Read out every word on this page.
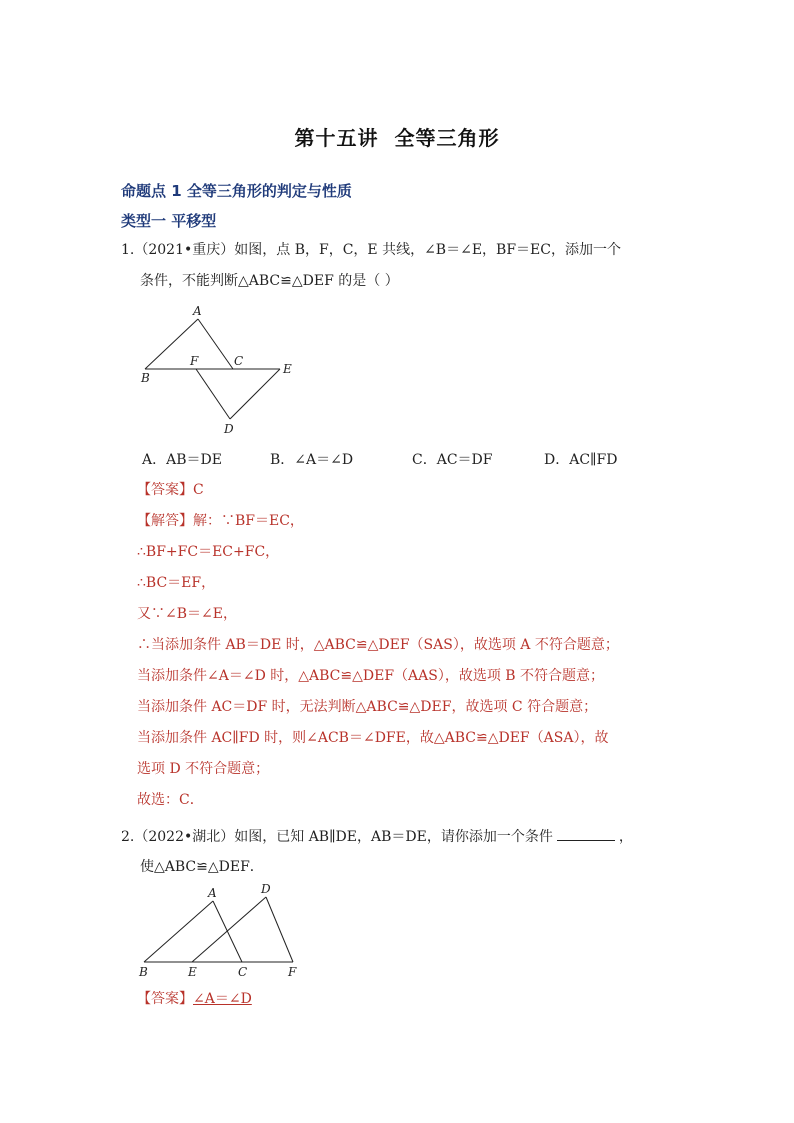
第十五讲 全等三角形
命题点 1 全等三角形的判定与性质
类型一 平移型
1.（2021•重庆）如图，点 B，F，C，E 共线，∠B＝∠E，BF＝EC，添加一个
条件，不能判断△ABC≌△DEF 的是（ ）
A
B
F	C
E
D
A．AB＝DE	B．∠A＝∠D	C．AC＝DF	D．AC∥FD
【答案】C
【解答】解：∵BF＝EC，
∴BF+FC＝EC+FC，
∴BC＝EF，
又∵∠B＝∠E，
∴当添加条件 AB＝DE 时，△ABC≌△DEF（SAS），故选项 A 不符合题意；
当添加条件∠A＝∠D 时，△ABC≌△DEF（AAS），故选项 B 不符合题意；
当添加条件 AC＝DF 时，无法判断△ABC≌△DEF，故选项 C 符合题意；
当添加条件 AC∥FD 时，则∠ACB＝∠DFE，故△ABC≌△DEF（ASA），故
选项 D 不符合题意；
故选：C．
2.（2022•湖北）如图，已知 AB∥DE，AB＝DE，请你添加一个条件	，
使△ABC≌△DEF．
A	D
B	E	C	F
【答案】∠A＝∠D
